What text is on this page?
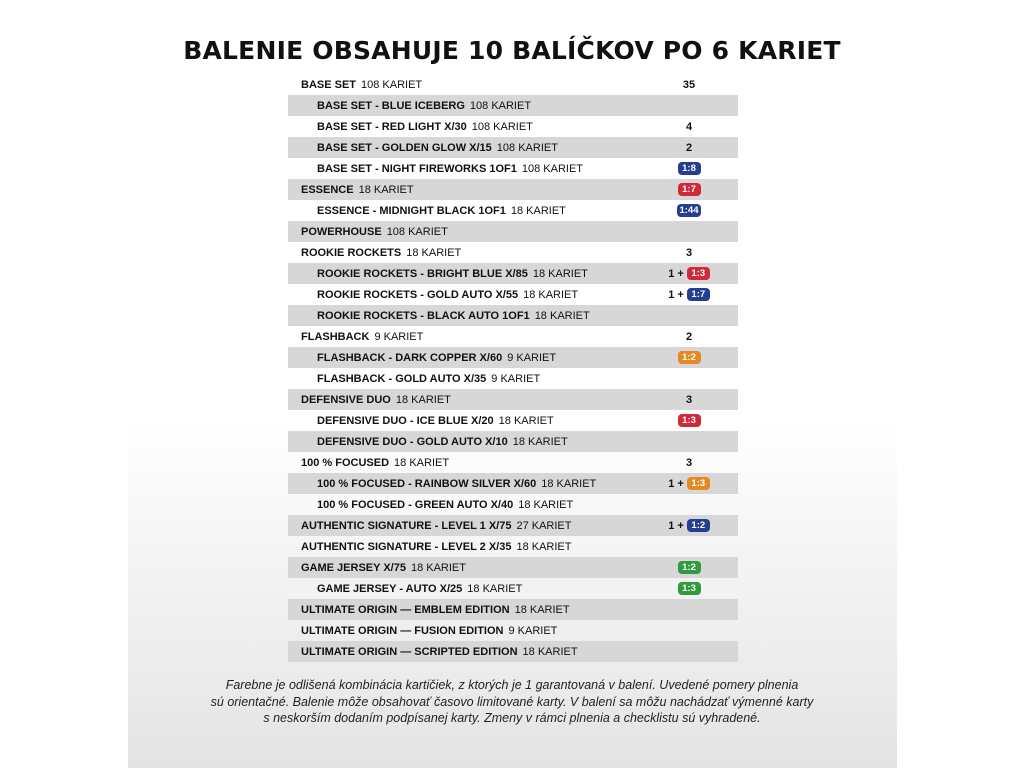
BALENIE OBSAHUJE 10 BALÍČKOV PO 6 KARIET
BASE SET 108 KARIET	35
BASE SET - BLUE ICEBERG 108 KARIET
BASE SET - RED LIGHT X/30 108 KARIET	4
BASE SET - GOLDEN GLOW X/15 108 KARIET	2
BASE SET - NIGHT FIREWORKS 1OF1 108 KARIET	1:8
ESSENCE 18 KARIET	1:7
ESSENCE - MIDNIGHT BLACK 1OF1 18 KARIET	1:44
POWERHOUSE 108 KARIET
ROOKIE ROCKETS 18 KARIET	3
ROOKIE ROCKETS - BRIGHT BLUE X/85 18 KARIET	1 + 1:3
ROOKIE ROCKETS - GOLD AUTO X/55 18 KARIET	1 + 1:7
ROOKIE ROCKETS - BLACK AUTO 1OF1 18 KARIET
FLASHBACK 9 KARIET	2
FLASHBACK - DARK COPPER X/60 9 KARIET	1:2
FLASHBACK - GOLD AUTO X/35 9 KARIET
DEFENSIVE DUO 18 KARIET	3
DEFENSIVE DUO - ICE BLUE X/20 18 KARIET	1:3
DEFENSIVE DUO - GOLD AUTO X/10 18 KARIET
100 % FOCUSED 18 KARIET	3
100 % FOCUSED - RAINBOW SILVER X/60 18 KARIET	1 + 1:3
100 % FOCUSED - GREEN AUTO X/40 18 KARIET
AUTHENTIC SIGNATURE - LEVEL 1 X/75 27 KARIET	1 + 1:2
AUTHENTIC SIGNATURE - LEVEL 2 X/35 18 KARIET
GAME JERSEY X/75 18 KARIET	1:2
GAME JERSEY - AUTO X/25 18 KARIET	1:3
ULTIMATE ORIGIN — EMBLEM EDITION 18 KARIET
ULTIMATE ORIGIN — FUSION EDITION 9 KARIET
ULTIMATE ORIGIN — SCRIPTED EDITION 18 KARIET

Farebne je odlišená kombinácia kartičiek, z ktorých je 1 garantovaná v balení. Uvedené pomery plnenia
sú orientačné. Balenie môže obsahovať časovo limitované karty. V balení sa môžu nachádzať výmenné karty
s neskorším dodaním podpísanej karty. Zmeny v rámci plnenia a checklistu sú vyhradené.
